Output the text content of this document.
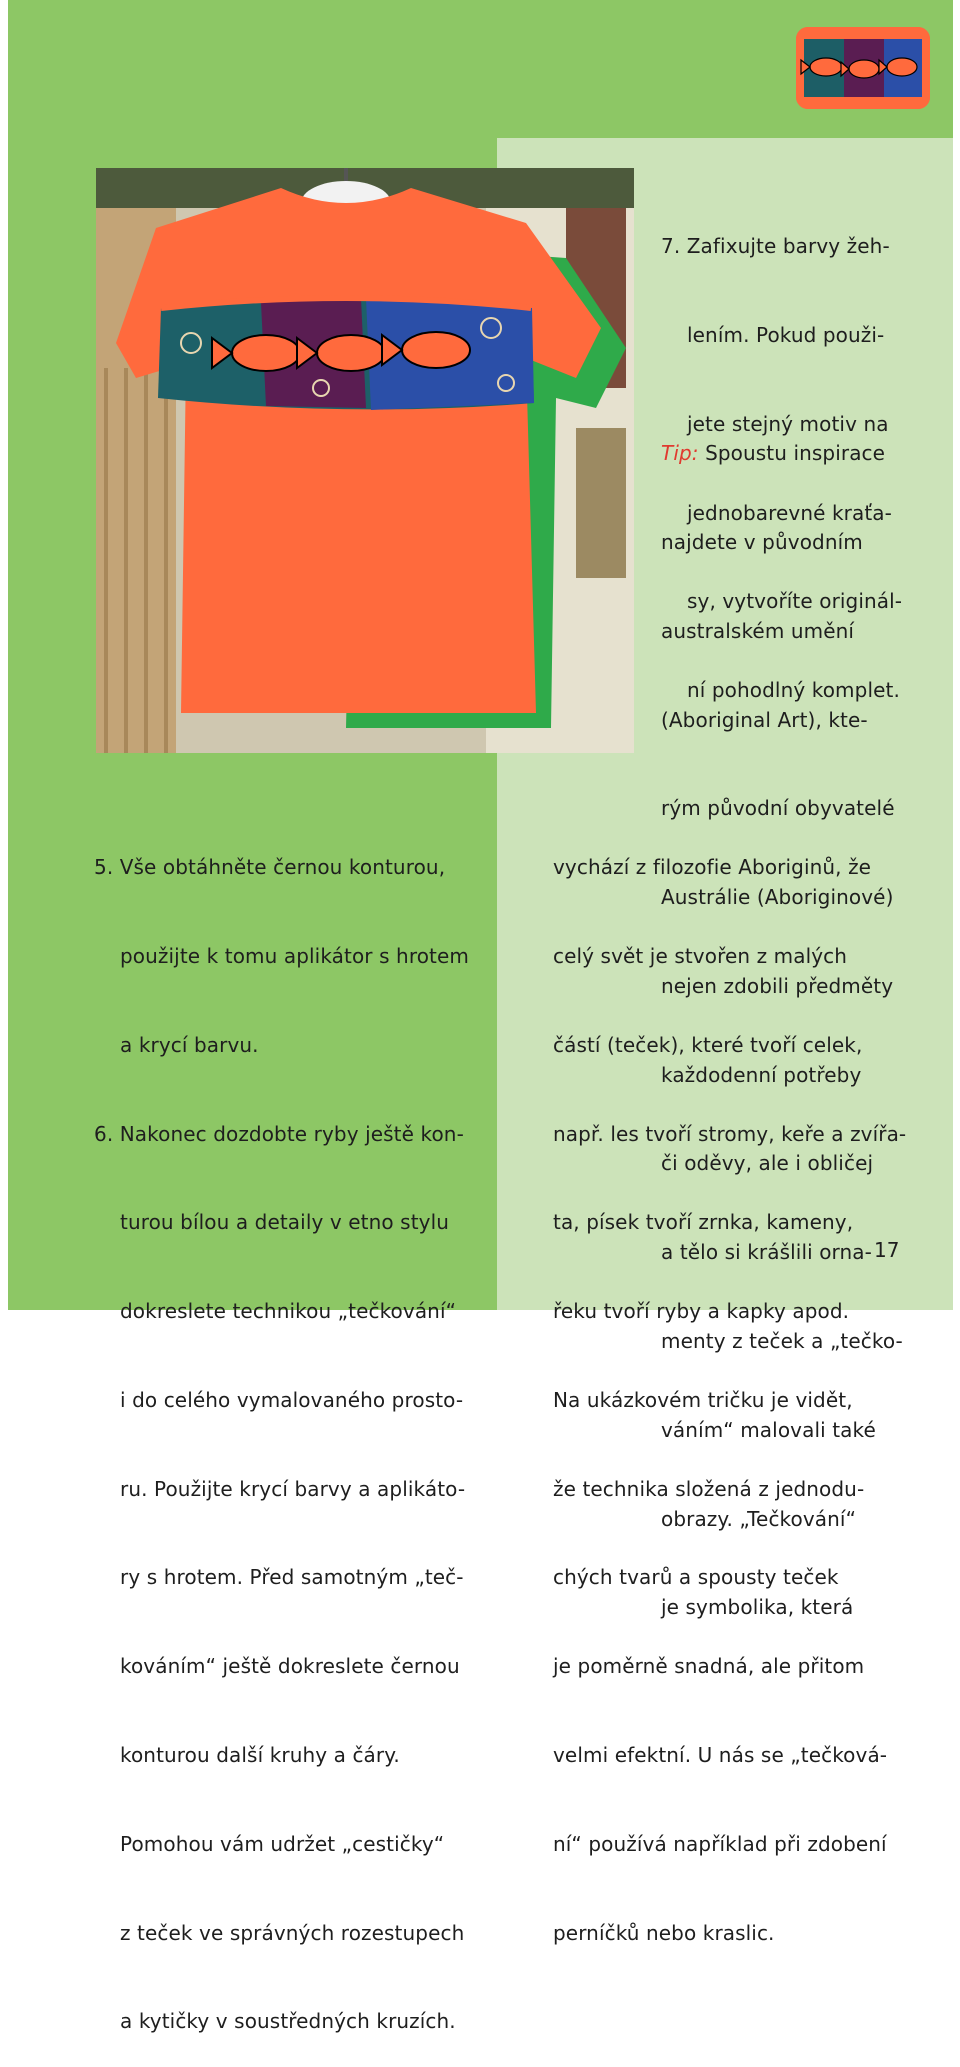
7. Zafixujte barvy žeh-

lením. Pokud použi-

jete stejný motiv na

jednobarevné kraťa-

sy, vytvoříte originál-

ní pohodlný komplet.

Tip: Spoustu inspirace

najdete v původním

australském umění

(Aboriginal Art), kte-

rým původní obyvatelé

Austrálie (Aboriginové)

nejen zdobili předměty

každodenní potřeby

či oděvy, ale i obličej

a tělo si krášlili orna-

menty z teček a „tečko-

váním“ malovali také

obrazy. „Tečkování“

je symbolika, která

vychází z filozofie Aboriginů, že

celý svět je stvořen z malých

částí (teček), které tvoří celek,

např. les tvoří stromy, keře a zvířa-

ta, písek tvoří zrnka, kameny,

řeku tvoří ryby a kapky apod.

Na ukázkovém tričku je vidět,

že technika složená z jednodu-

chých tvarů a spousty teček

je poměrně snadná, ale přitom

velmi efektní. U nás se „tečková-

ní“ používá například při zdobení

perníčků nebo kraslic.

5. Vše obtáhněte černou konturou,

použijte k tomu aplikátor s hrotem

a krycí barvu.

6. Nakonec dozdobte ryby ještě kon-

turou bílou a detaily v etno stylu

dokreslete technikou „tečkování“

i do celého vymalovaného prosto-

ru. Použijte krycí barvy a aplikáto-

ry s hrotem. Před samotným „teč-

kováním“ ještě dokreslete černou

konturou další kruhy a čáry.

Pomohou vám udržet „cestičky“

z teček ve správných rozestupech

a kytičky v soustředných kruzích.

17
